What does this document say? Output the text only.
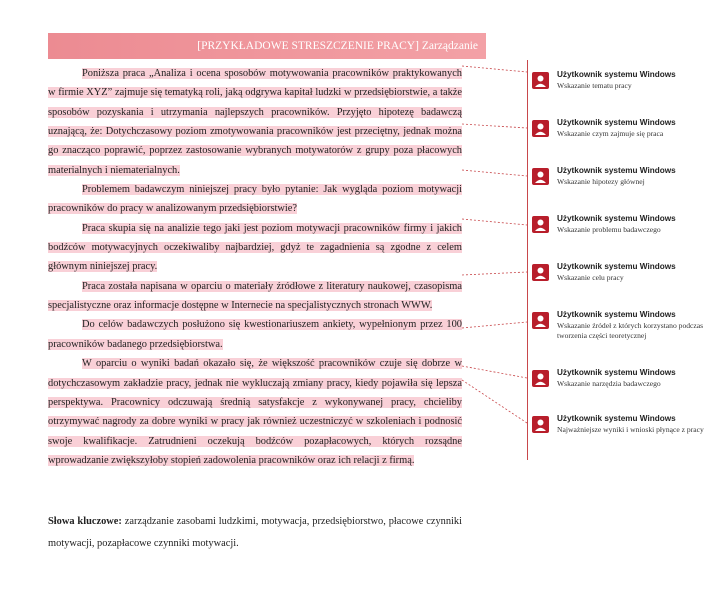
[PRZYKŁADOWE STRESZCZENIE PRACY] Zarządzanie

Poniższa praca „Analiza i ocena sposobów motywowania pracowników praktykowanych w firmie XYZ” zajmuje się tematyką roli, jaką odgrywa kapitał ludzki w przedsiębiorstwie, a także sposobów pozyskania i utrzymania najlepszych pracowników. Przyjęto hipotezę badawczą uznającą, że: Dotychczasowy poziom zmotywowania pracowników jest przeciętny, jednak można go znacząco poprawić, poprzez zastosowanie wybranych motywatorów z grupy poza płacowych materialnych i niematerialnych.

Problemem badawczym niniejszej pracy było pytanie: Jak wygląda poziom motywacji pracowników do pracy w analizowanym przedsiębiorstwie?

Praca skupia się na analizie tego jaki jest poziom motywacji pracowników firmy i jakich bodźców motywacyjnych oczekiwaliby najbardziej, gdyż te zagadnienia są zgodne z celem głównym niniejszej pracy.

Praca została napisana w oparciu o materiały źródłowe z literatury naukowej, czasopisma specjalistyczne oraz informacje dostępne w Internecie na specjalistycznych stronach WWW.

Do celów badawczych posłużono się kwestionariuszem ankiety, wypełnionym przez 100 pracowników badanego przedsiębiorstwa.

W oparciu o wyniki badań okazało się, że większość pracowników czuje się dobrze w dotychczasowym zakładzie pracy, jednak nie wykluczają zmiany pracy, kiedy pojawiła się lepsza perspektywa. Pracownicy odczuwają średnią satysfakcje z wykonywanej pracy, chcieliby otrzymywać nagrody za dobre wyniki w pracy jak również uczestniczyć w szkoleniach i podnosić swoje kwalifikacje. Zatrudnieni oczekują bodźców pozapłacowych, których rozsądne wprowadzanie zwiększyłoby stopień zadowolenia pracowników oraz ich relacji z firmą.

Słowa kluczowe: zarządzanie zasobami ludzkimi, motywacja, przedsiębiorstwo, płacowe czynniki motywacji, pozapłacowe czynniki motywacji.
Użytkownik systemu Windows
Wskazanie tematu pracy
Użytkownik systemu Windows
Wskazanie czym zajmuje się praca
Użytkownik systemu Windows
Wskazanie hipotezy głównej
Użytkownik systemu Windows
Wskazanie problemu badawczego
Użytkownik systemu Windows
Wskazanie celu pracy
Użytkownik systemu Windows
Wskazanie źródeł z których korzystano podczas tworzenia części teoretycznej
Użytkownik systemu Windows
Wskazanie narzędzia badawczego
Użytkownik systemu Windows
Najważniejsze wyniki i wnioski płynące z pracy
